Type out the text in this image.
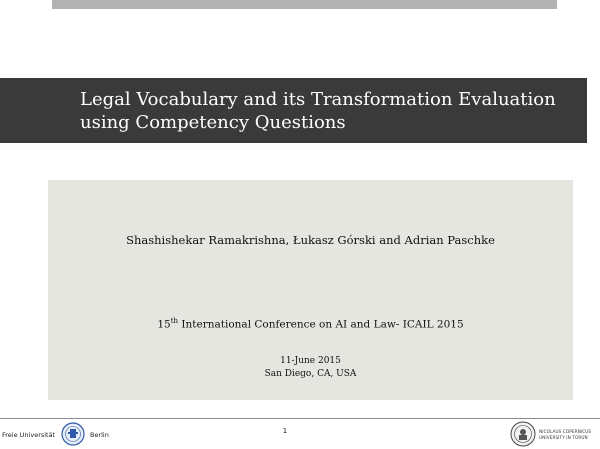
Legal Vocabulary and its Transformation Evaluation
using Competency Questions
Shashishekar Ramakrishna, Łukasz Górski and Adrian Paschke
15th International Conference on AI and Law- ICAIL 2015
11-June 2015
San Diego, CA, USA
Freie Universität	Berlin	1	NICOLAUS COPERNICUS
UNIVERSITY IN TORUŃ
